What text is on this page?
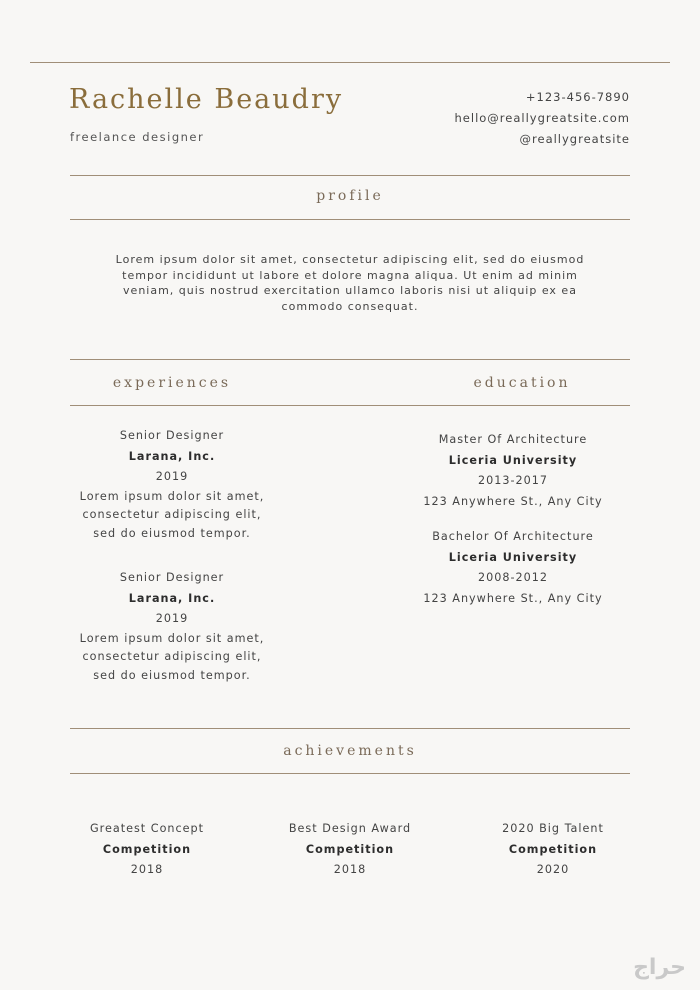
Rachelle Beaudry
freelance designer
+123-456-7890
hello@reallygreatsite.com
@reallygreatsite
profile
Lorem ipsum dolor sit amet, consectetur adipiscing elit, sed do eiusmod tempor incididunt ut labore et dolore magna aliqua. Ut enim ad minim veniam, quis nostrud exercitation ullamco laboris nisi ut aliquip ex ea commodo consequat.
experiences	education
Senior Designer
Larana, Inc.
2019
Lorem ipsum dolor sit amet, consectetur adipiscing elit, sed do eiusmod tempor.
Senior Designer
Larana, Inc.
2019
Lorem ipsum dolor sit amet, consectetur adipiscing elit, sed do eiusmod tempor.
Master Of Architecture
Liceria University
2013-2017
123 Anywhere St., Any City
Bachelor Of Architecture
Liceria University
2008-2012
123 Anywhere St., Any City
achievements
Greatest Concept
Competition
2018
Best Design Award
Competition
2018
2020 Big Talent
Competition
2020
حراج
